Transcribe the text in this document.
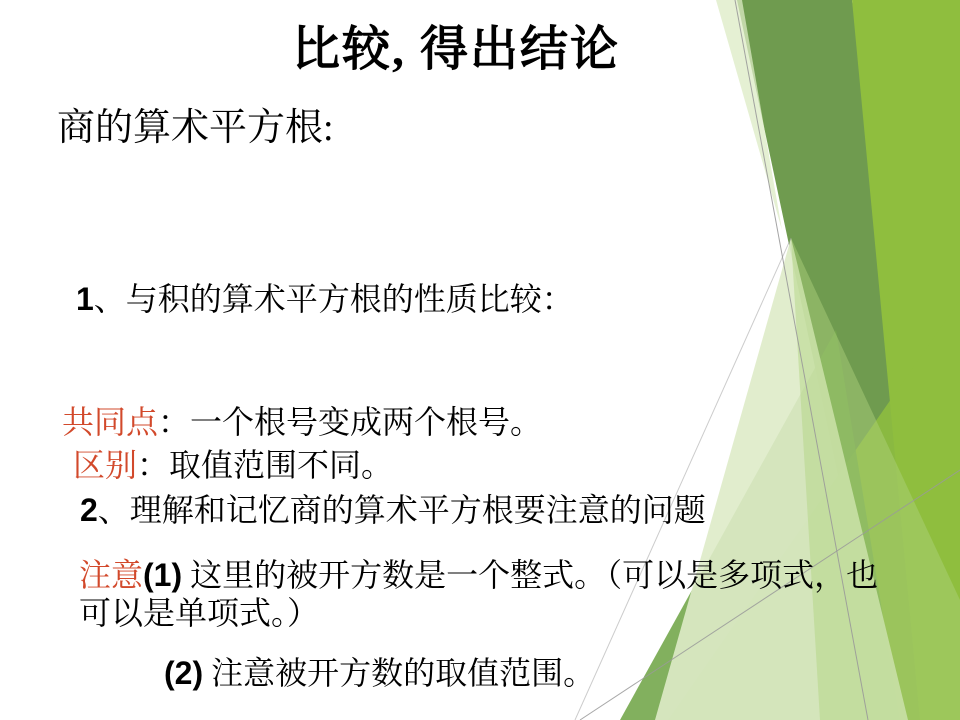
比较, 得出结论
商的算术平方根:
1、与积的算术平方根的性质比较：
共同点：一个根号变成两个根号。
区别：取值范围不同。
2、理解和记忆商的算术平方根要注意的问题
注意(1) 这里的被开方数是一个整式。（可以是多项式，也
可以是单项式。）
(2) 注意被开方数的取值范围。
